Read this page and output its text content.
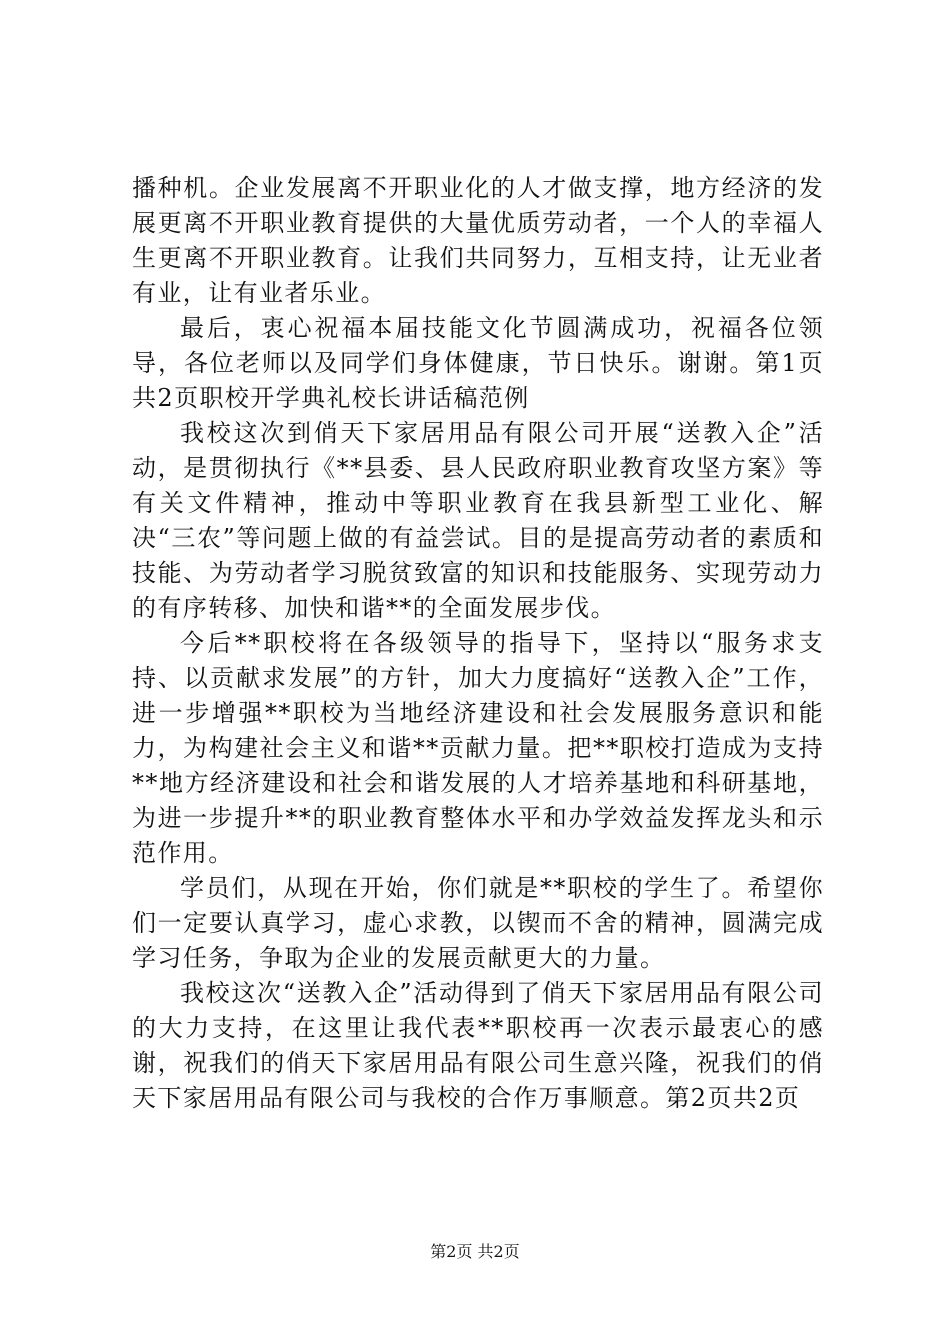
播种机。企业发展离不开职业化的人才做支撑，地方经济的发展更离不开职业教育提供的大量优质劳动者，一个人的幸福人生更离不开职业教育。让我们共同努力，互相支持，让无业者有业，让有业者乐业。

最后，衷心祝福本届技能文化节圆满成功，祝福各位领导，各位老师以及同学们身体健康，节日快乐。谢谢。第1页共2页职校开学典礼校长讲话稿范例

我校这次到俏天下家居用品有限公司开展“送教入企”活动，是贯彻执行《**县委、县人民政府职业教育攻坚方案》等有关文件精神，推动中等职业教育在我县新型工业化、解决“三农”等问题上做的有益尝试。目的是提高劳动者的素质和技能、为劳动者学习脱贫致富的知识和技能服务、实现劳动力的有序转移、加快和谐**的全面发展步伐。

今后**职校将在各级领导的指导下，坚持以“服务求支持、以贡献求发展”的方针，加大力度搞好“送教入企”工作，进一步增强**职校为当地经济建设和社会发展服务意识和能力，为构建社会主义和谐**贡献力量。把**职校打造成为支持**地方经济建设和社会和谐发展的人才培养基地和科研基地，为进一步提升**的职业教育整体水平和办学效益发挥龙头和示范作用。

学员们，从现在开始，你们就是**职校的学生了。希望你们一定要认真学习，虚心求教，以锲而不舍的精神，圆满完成学习任务，争取为企业的发展贡献更大的力量。

我校这次“送教入企”活动得到了俏天下家居用品有限公司的大力支持，在这里让我代表**职校再一次表示最衷心的感谢，祝我们的俏天下家居用品有限公司生意兴隆，祝我们的俏天下家居用品有限公司与我校的合作万事顺意。第2页共2页

第2页 共2页
